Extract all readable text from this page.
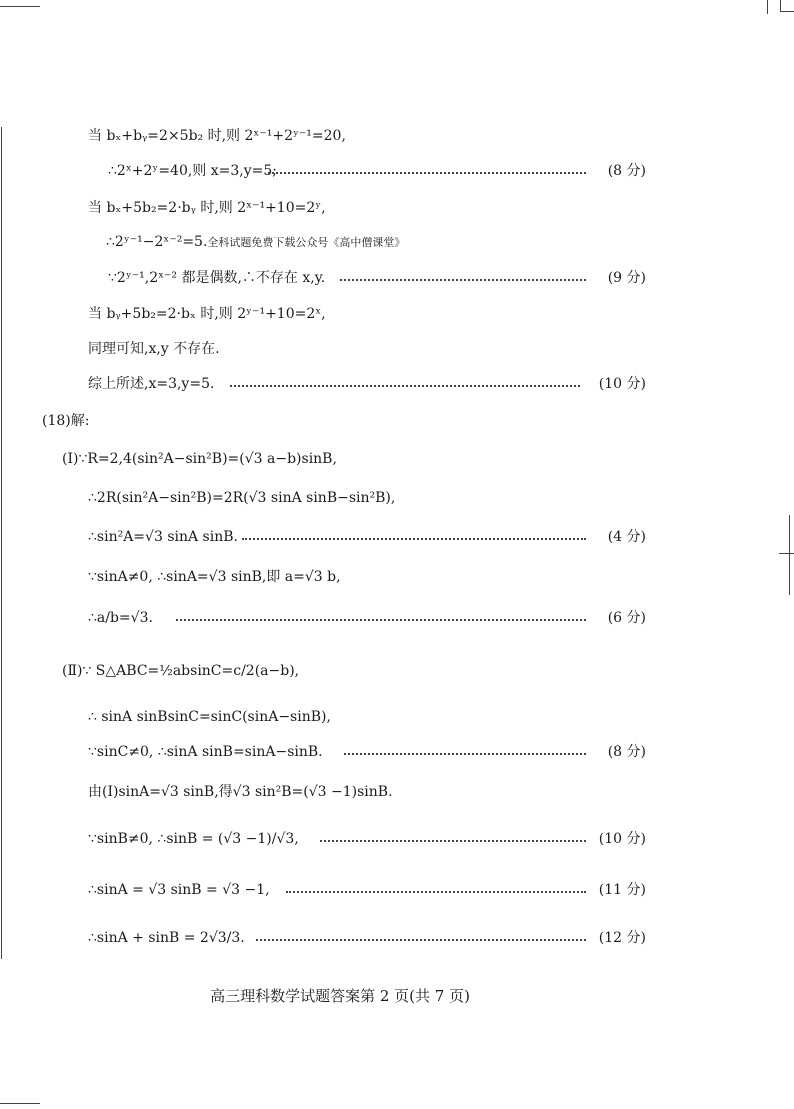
当 bₓ+bᵧ=2×5b₂ 时,则 2ˣ⁻¹+2ʸ⁻¹=20,
∴2ˣ+2ʸ=40,则 x=3,y=5;	(8 分)
当 bₓ+5b₂=2·bᵧ 时,则 2ˣ⁻¹+10=2ʸ,
∴2ʸ⁻¹−2ˣ⁻²=5.全科试题免费下载公众号《高中僧课堂》
∵2ʸ⁻¹,2ˣ⁻² 都是偶数,∴不存在 x,y.	(9 分)
当 bᵧ+5b₂=2·bₓ 时,则 2ʸ⁻¹+10=2ˣ,
同理可知,x,y 不存在.
综上所述,x=3,y=5.	(10 分)
(18)解:
(Ⅰ)∵R=2,4(sin²A−sin²B)=(√3 a−b)sinB,
∴2R(sin²A−sin²B)=2R(√3 sinA sinB−sin²B),
∴sin²A=√3 sinA sinB.	(4 分)
∵sinA≠0, ∴sinA=√3 sinB,即 a=√3 b,
∴a/b=√3.	(6 分)
(Ⅱ)∵ S△ABC=½absinC=c/2(a−b),
∴ sinA sinBsinC=sinC(sinA−sinB),
∵sinC≠0, ∴sinA sinB=sinA−sinB.	(8 分)
由(Ⅰ)sinA=√3 sinB,得√3 sin²B=(√3 −1)sinB.
∵sinB≠0, ∴sinB = (√3 −1)/√3,	(10 分)
∴sinA = √3 sinB = √3 −1,	(11 分)
∴sinA + sinB = 2√3/3.	(12 分)
高三理科数学试题答案第 2 页(共 7 页)
